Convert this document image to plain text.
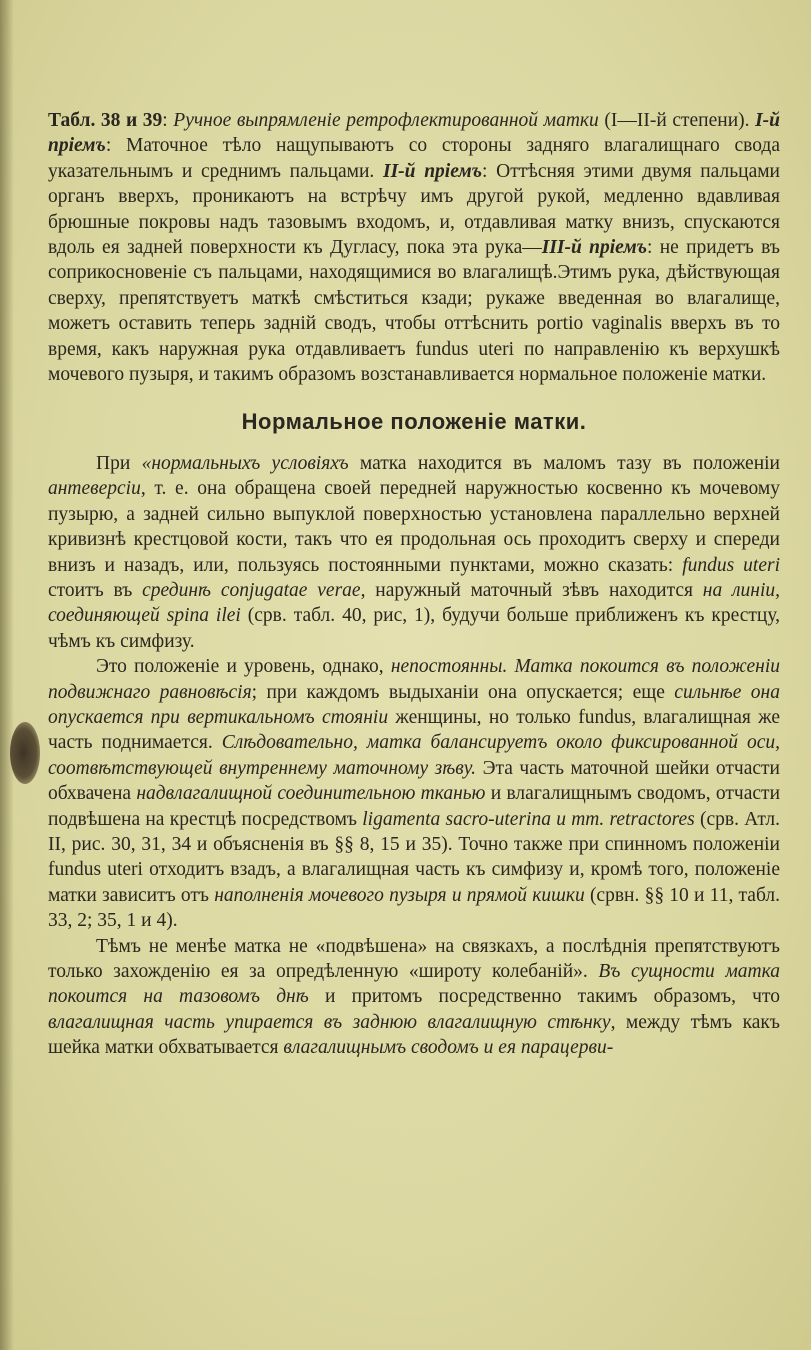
Табл. 38 и 39: Ручное выпрямленіе ретрофлектированной матки (I—II-й степени). I-й пріемъ: Маточное тѣло нащупываютъ со стороны задняго влагалищнаго свода указательнымъ и среднимъ пальцами. II-й пріемъ: Оттѣсняя этими двумя пальцами органъ вверхъ, проникаютъ на встрѣчу имъ другой рукой, медленно вдавливая брюшные покровы надъ тазовымъ входомъ, и, отдавливая матку внизъ, спускаются вдоль ея задней поверхности къ Дугласу, пока эта рука—III-й пріемъ: не придетъ въ соприкосновеніе съ пальцами, находящимися во влагалищѣ.Этимъ рука, дѣйствующая сверху, препятствуетъ маткѣ смѣститься кзади; рукаже введенная во влагалище, можетъ оставить теперь задній сводъ, чтобы оттѣснить portio vaginalis вверхъ въ то время, какъ наружная рука отдавливаетъ fundus uteri по направленію къ верхушкѣ мочевого пузыря, и такимъ образомъ возстанавливается нормальное положеніе матки.

Нормальное положеніе матки.

При «нормальныхъ условіяхъ матка находится въ маломъ тазу въ положеніи антеверсіи, т. е. она обращена своей передней наружностью косвенно къ мочевому пузырю, а задней сильно выпуклой поверхностью установлена параллельно верхней кривизнѣ крестцовой кости, такъ что ея продольная ось проходитъ сверху и спереди внизъ и назадъ, или, пользуясь постоянными пунктами, можно сказать: fundus uteri стоитъ въ срединѣ conjugatae verae, наружный маточный зѣвъ находится на линіи, соединяющей spina ilei (срв. табл. 40, рис, 1), будучи больше приближенъ къ крестцу, чѣмъ къ симфизу.

Это положеніе и уровень, однако, непостоянны. Матка покоится въ положеніи подвижнаго равновѣсія; при каждомъ выдыханіи она опускается; еще сильнѣе она опускается при вертикальномъ стояніи женщины, но только fundus, влагалищная же часть поднимается. Слѣдовательно, матка балансируетъ около фиксированной оси, соотвѣтствующей внутреннему маточному зѣву. Эта часть маточной шейки отчасти обхвачена надвлагалищной соединительною тканью и влагалищнымъ сводомъ, отчасти подвѣшена на крестцѣ посредствомъ ligamenta sacro-uterina и mm. retractores (срв. Атл. II, рис. 30, 31, 34 и объясненія въ §§ 8, 15 и 35). Точно также при спинномъ положеніи fundus uteri отходитъ взадъ, а влагалищная часть къ симфизу и, кромѣ того, положеніе матки зависитъ отъ наполненія мочевого пузыря и прямой кишки (срвн. §§ 10 и 11, табл. 33, 2; 35, 1 и 4).

Тѣмъ не менѣе матка не «подвѣшена» на связкахъ, а послѣднія препятствуютъ только захожденію ея за опредѣленную «широту колебаній». Въ сущности матка покоится на тазовомъ днѣ и притомъ посредственно такимъ образомъ, что влагалищная часть упирается въ заднюю влагалищную стѣнку, между тѣмъ какъ шейка матки обхватывается влагалищнымъ сводомъ и ея парацерви-
